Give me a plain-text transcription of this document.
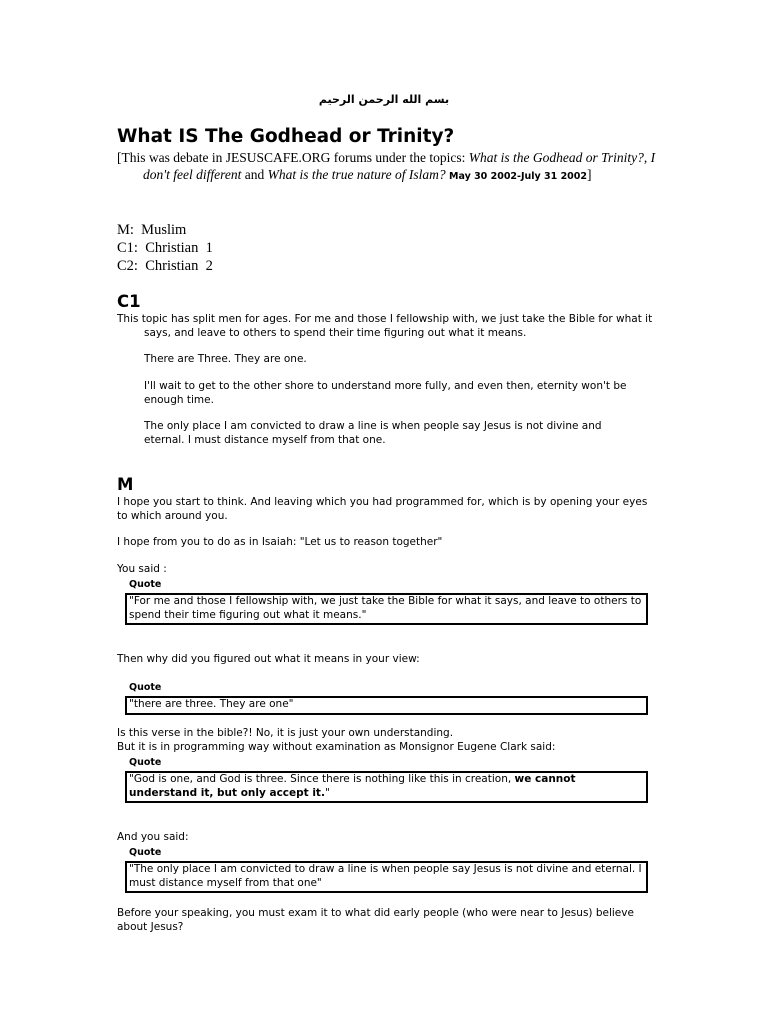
بسم الله الرحمن الرحيم
What IS The Godhead or Trinity?
[This was debate in JESUSCAFE.ORG forums under the topics: What is the Godhead or Trinity?, I don't feel different and What is the true nature of Islam? May 30 2002-July 31 2002]
M:  Muslim
C1:  Christian  1
C2:  Christian  2
C1
This topic has split men for ages. For me and those I fellowship with, we just take the Bible for what it says, and leave to others to spend their time figuring out what it means.
There are Three. They are one.
I'll wait to get to the other shore to understand more fully, and even then, eternity won't be enough time.
The only place I am convicted to draw a line is when people say Jesus is not divine and eternal. I must distance myself from that one.
M
I hope you start to think. And leaving which you had programmed for, which is by opening your eyes to which around you.
I hope from you to do as in Isaiah: "Let us to reason together"
You said :
Quote
"For me and those I fellowship with, we just take the Bible for what it says, and leave to others to spend their time figuring out what it means."
Then why did you figured out what it means in your view:
Quote
"there are three. They are one"
Is this verse in the bible?! No, it is just your own understanding.
But it is in programming way without examination as Monsignor Eugene Clark said:
Quote
"God is one, and God is three. Since there is nothing like this in creation, we cannot understand it, but only accept it."
And you said:
Quote
"The only place I am convicted to draw a line is when people say Jesus is not divine and eternal. I must distance myself from that one"
Before your speaking, you must exam it to what did early people (who were near to Jesus) believe about Jesus?
